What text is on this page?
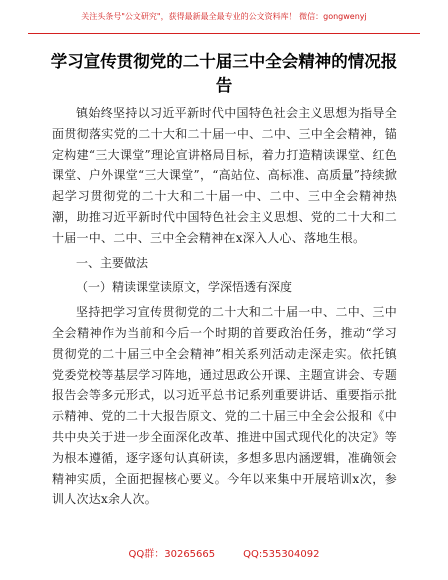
关注头条号"公文研究"，获得最新最全最专业的公文资料库！ 微信：gongwenyj
学习宣传贯彻党的二十届三中全会精神的情况报告

镇始终坚持以习近平新时代中国特色社会主义思想为指导全面贯彻落实党的二十大和二十届一中、二中、三中全会精神，锚定构建“三大课堂”理论宣讲格局目标，着力打造精读课堂、红色课堂、户外课堂“三大课堂”，“高站位、高标准、高质量”持续掀起学习贯彻党的二十大和二十届一中、二中、三中全会精神热潮，助推习近平新时代中国特色社会主义思想、党的二十大和二十届一中、二中、三中全会精神在x深入人心、落地生根。

一、主要做法

（一）精读课堂读原文，学深悟透有深度

坚持把学习宣传贯彻党的二十大和二十届一中、二中、三中全会精神作为当前和今后一个时期的首要政治任务，推动“学习贯彻党的二十届三中全会精神”相关系列活动走深走实。依托镇党委党校等基层学习阵地，通过思政公开课、主题宣讲会、专题报告会等多元形式，以习近平总书记系列重要讲话、重要指示批示精神、党的二十大报告原文、党的二十届三中全会公报和《中共中央关于进一步全面深化改革、推进中国式现代化的决定》等为根本遵循，逐字逐句认真研读，多想多思内涵逻辑，准确领会精神实质，全面把握核心要义。今年以来集中开展培训x次，参训人次达x余人次。

QQ群：30265665	QQ:535304092
